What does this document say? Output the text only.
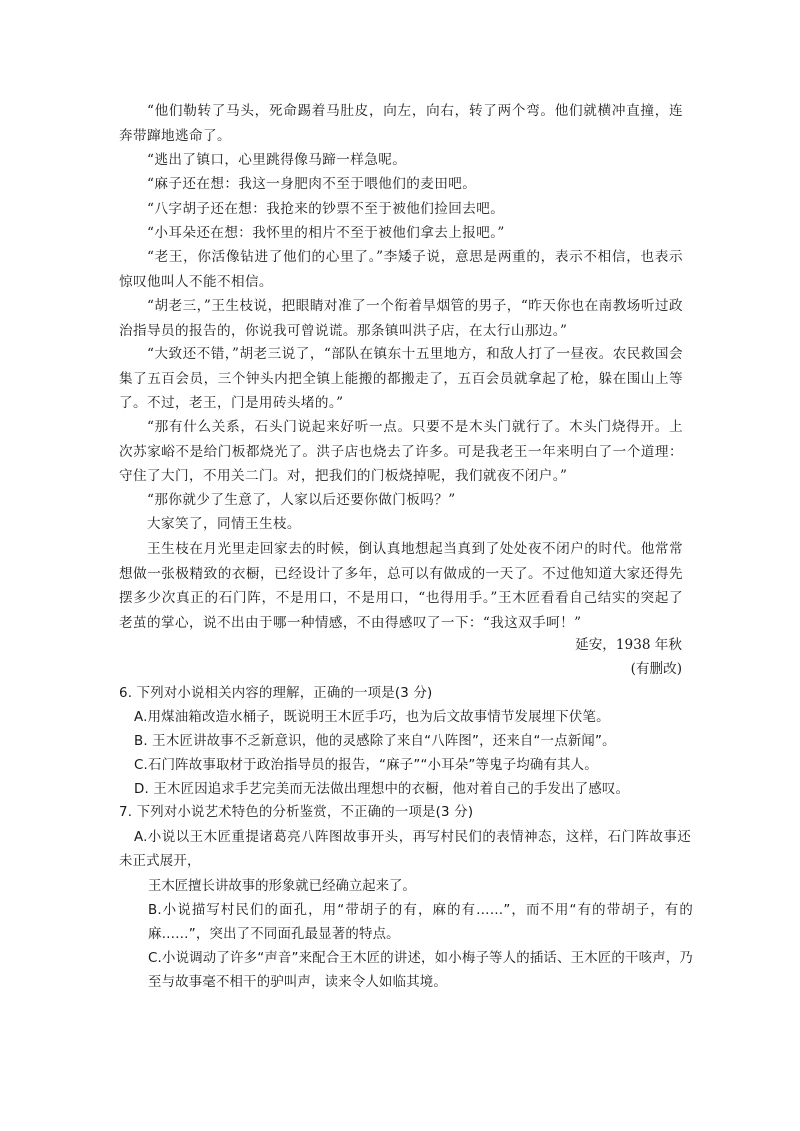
“他们勒转了马头，死命踢着马肚皮，向左，向右，转了两个弯。他们就横冲直撞，连奔带蹿地逃命了。

“逃出了镇口，心里跳得像马蹄一样急呢。

“麻子还在想：我这一身肥肉不至于喂他们的麦田吧。

“八字胡子还在想：我抢来的钞票不至于被他们捡回去吧。

“小耳朵还在想：我怀里的相片不至于被他们拿去上报吧。”

“老王，你活像钻进了他们的心里了。”李矮子说，意思是两重的，表示不相信，也表示惊叹他叫人不能不相信。

“胡老三，”王生枝说，把眼睛对准了一个衔着旱烟管的男子，“昨天你也在南教场听过政治指导员的报告的，你说我可曾说谎。那条镇叫洪子店，在太行山那边。”

“大致还不错，”胡老三说了，“部队在镇东十五里地方，和敌人打了一昼夜。农民救国会集了五百会员，三个钟头内把全镇上能搬的都搬走了，五百会员就拿起了枪，躲在围山上等了。不过，老王，门是用砖头堵的。”

“那有什么关系，石头门说起来好听一点。只要不是木头门就行了。木头门烧得开。上次苏家峪不是给门板都烧光了。洪子店也烧去了许多。可是我老王一年来明白了一个道理：守住了大门，不用关二门。对，把我们的门板烧掉呢，我们就夜不闭户。”

“那你就少了生意了，人家以后还要你做门板吗？”

大家笑了，同情王生枝。

王生枝在月光里走回家去的时候，倒认真地想起当真到了处处夜不闭户的时代。他常常想做一张极精致的衣橱，已经设计了多年，总可以有做成的一天了。不过他知道大家还得先摆多少次真正的石门阵，不是用口，不是用口，“也得用手。”王木匠看看自己结实的突起了老茧的掌心，说不出由于哪一种情感，不由得感叹了一下：“我这双手呵！”

延安，1938 年秋
(有删改)
6. 下列对小说相关内容的理解，正确的一项是(3 分)

A.用煤油箱改造水桶子，既说明王木匠手巧，也为后文故事情节发展埋下伏笔。

B. 王木匠讲故事不乏新意识，他的灵感除了来自“八阵图”，还来自“一点新闻”。

C.石门阵故事取材于政治指导员的报告，“麻子”“小耳朵”等鬼子均确有其人。

D. 王木匠因追求手艺完美而无法做出理想中的衣橱，他对着自己的手发出了感叹。

7. 下列对小说艺术特色的分析鉴赏，不正确的一项是(3 分)

A.小说以王木匠重提诸葛亮八阵图故事开头，再写村民们的表情神态，这样，石门阵故事还未正式展开，

王木匠擅长讲故事的形象就已经确立起来了。

B.小说描写村民们的面孔，用“带胡子的有，麻的有……”，而不用“有的带胡子，有的麻……”，突出了不同面孔最显著的特点。

C.小说调动了许多“声音”来配合王木匠的讲述，如小梅子等人的插话、王木匠的干咳声，乃至与故事毫不相干的驴叫声，读来令人如临其境。
